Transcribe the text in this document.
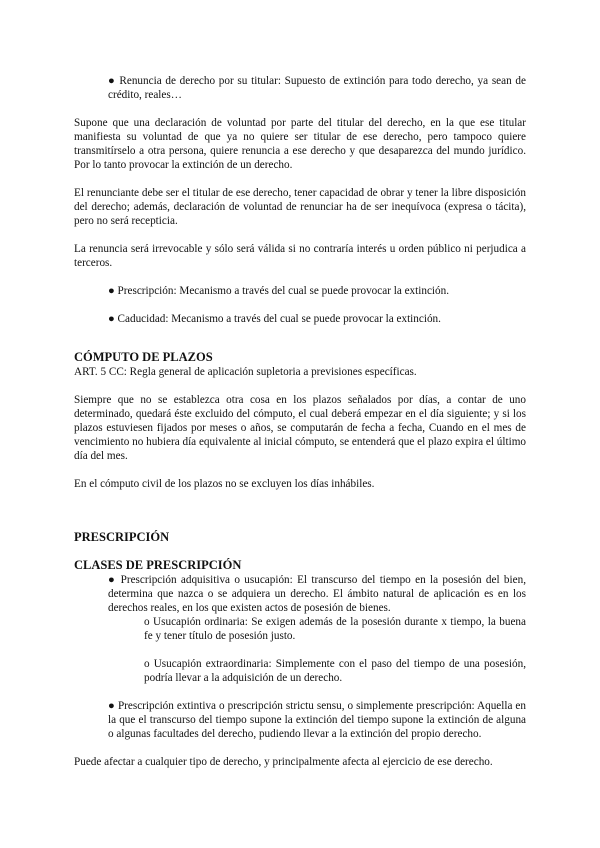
● Renuncia de derecho por su titular: Supuesto de extinción para todo derecho, ya sean de crédito, reales…

Supone que una declaración de voluntad por parte del titular del derecho, en la que ese titular manifiesta su voluntad de que ya no quiere ser titular de ese derecho, pero tampoco quiere transmitírselo a otra persona, quiere renuncia a ese derecho y que desaparezca del mundo jurídico. Por lo tanto provocar la extinción de un derecho.

El renunciante debe ser el titular de ese derecho, tener capacidad de obrar y tener la libre disposición del derecho; además, declaración de voluntad de renunciar ha de ser inequívoca (expresa o tácita), pero no será recepticia.

La renuncia será irrevocable y sólo será válida si no contraría interés u orden público ni perjudica a terceros.

● Prescripción: Mecanismo a través del cual se puede provocar la extinción.

● Caducidad: Mecanismo a través del cual se puede provocar la extinción.

CÓMPUTO DE PLAZOS

ART. 5 CC: Regla general de aplicación supletoria a previsiones específicas.

Siempre que no se establezca otra cosa en los plazos señalados por días, a contar de uno determinado, quedará éste excluido del cómputo, el cual deberá empezar en el día siguiente; y si los plazos estuviesen fijados por meses o años, se computarán de fecha a fecha, Cuando en el mes de vencimiento no hubiera día equivalente al inicial cómputo, se entenderá que el plazo expira el último día del mes.

En el cómputo civil de los plazos no se excluyen los días inhábiles.

PRESCRIPCIÓN
CLASES DE PRESCRIPCIÓN

● Prescripción adquisitiva o usucapión: El transcurso del tiempo en la posesión del bien, determina que nazca o se adquiera un derecho. El ámbito natural de aplicación es en los derechos reales, en los que existen actos de posesión de bienes.

o Usucapión ordinaria: Se exigen además de la posesión durante x tiempo, la buena fe y tener título de posesión justo.

o Usucapión extraordinaria: Simplemente con el paso del tiempo de una posesión, podría llevar a la adquisición de un derecho.

● Prescripción extintiva o prescripción strictu sensu, o simplemente prescripción: Aquella en la que el transcurso del tiempo supone la extinción del tiempo supone la extinción de alguna o algunas facultades del derecho, pudiendo llevar a la extinción del propio derecho.

Puede afectar a cualquier tipo de derecho, y principalmente afecta al ejercicio de ese derecho.
